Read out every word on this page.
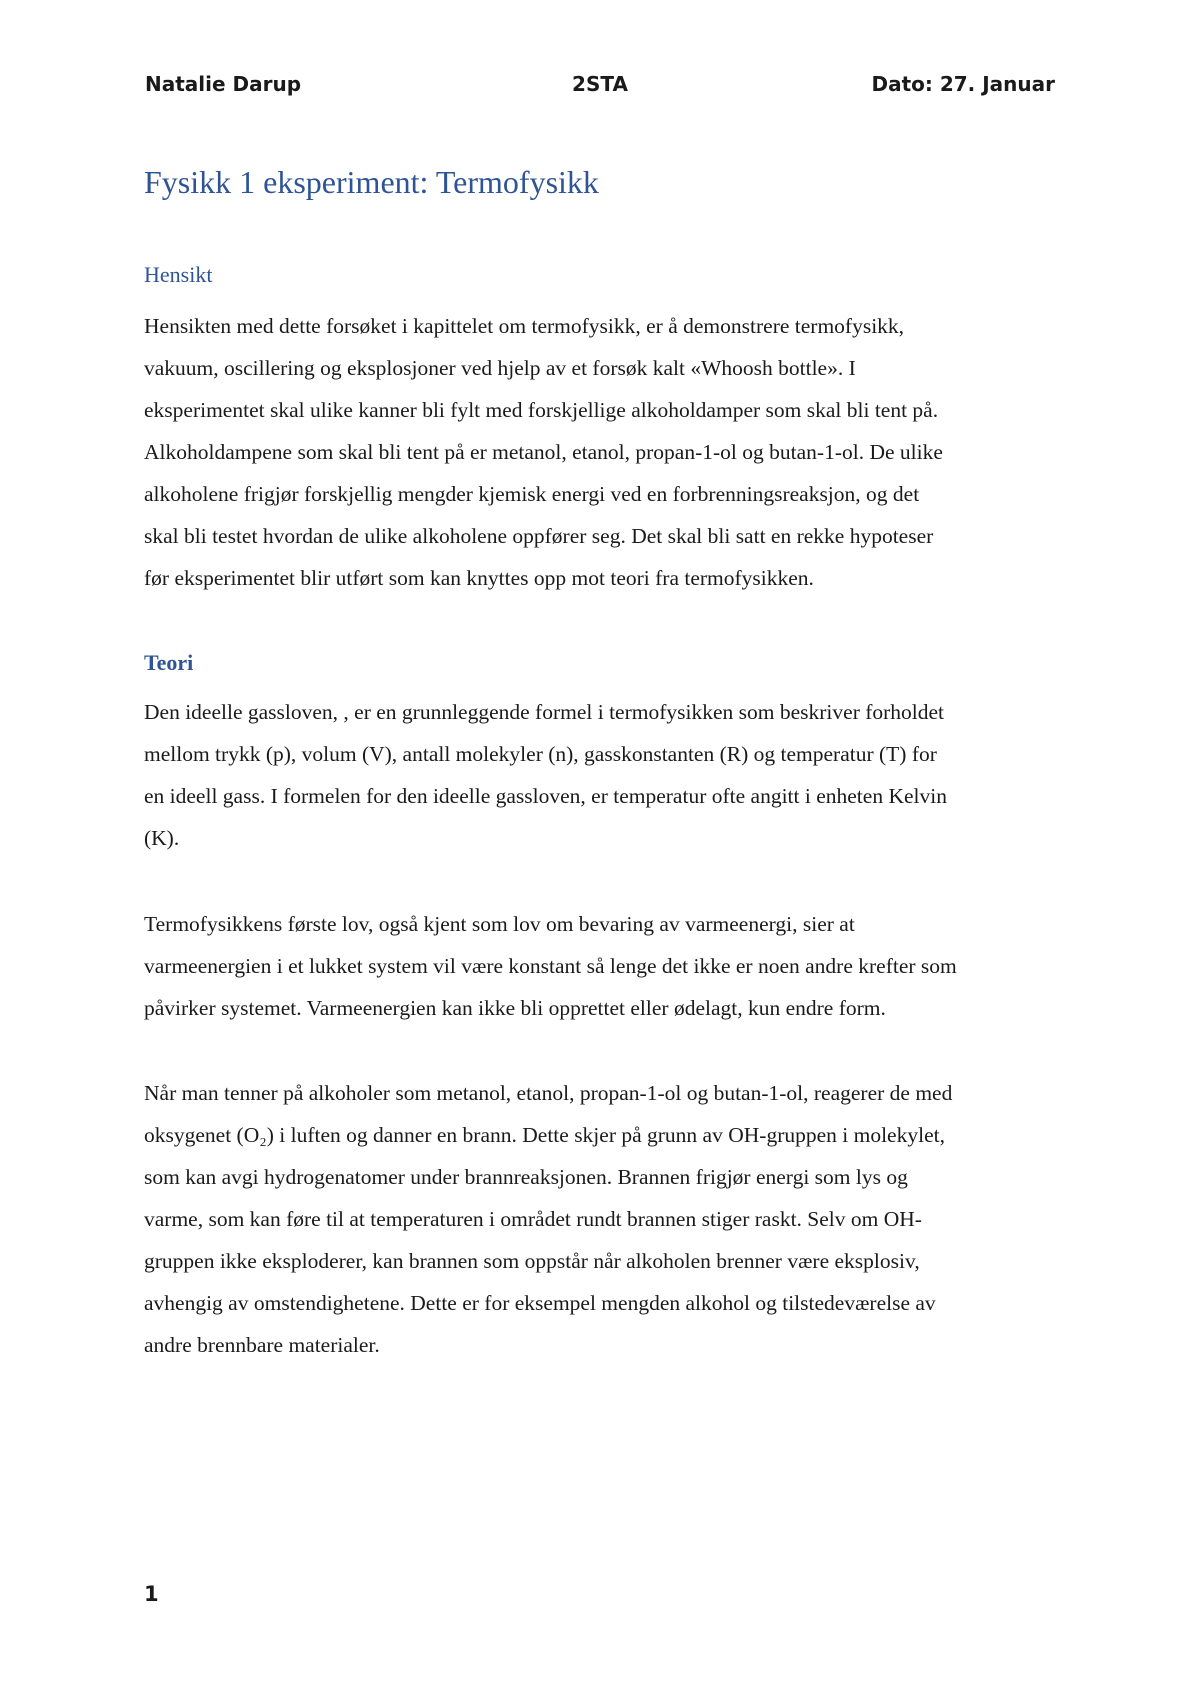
Natalie Darup	2STA	Dato: 27. Januar
Fysikk 1 eksperiment: Termofysikk
Hensikt

Hensikten med dette forsøket i kapittelet om termofysikk, er å demonstrere termofysikk,
vakuum, oscillering og eksplosjoner ved hjelp av et forsøk kalt «Whoosh bottle». I
eksperimentet skal ulike kanner bli fylt med forskjellige alkoholdamper som skal bli tent på.
Alkoholdampene som skal bli tent på er metanol, etanol, propan-1-ol og butan-1-ol. De ulike
alkoholene frigjør forskjellig mengder kjemisk energi ved en forbrenningsreaksjon, og det
skal bli testet hvordan de ulike alkoholene oppfører seg. Det skal bli satt en rekke hypoteser
før eksperimentet blir utført som kan knyttes opp mot teori fra termofysikken.

Teori

Den ideelle gassloven, , er en grunnleggende formel i termofysikken som beskriver forholdet
mellom trykk (p), volum (V), antall molekyler (n), gasskonstanten (R) og temperatur (T) for
en ideell gass. I formelen for den ideelle gassloven, er temperatur ofte angitt i enheten Kelvin
(K).

Termofysikkens første lov, også kjent som lov om bevaring av varmeenergi, sier at
varmeenergien i et lukket system vil være konstant så lenge det ikke er noen andre krefter som
påvirker systemet. Varmeenergien kan ikke bli opprettet eller ødelagt, kun endre form.

Når man tenner på alkoholer som metanol, etanol, propan-1-ol og butan-1-ol, reagerer de med
oksygenet (O₂) i luften og danner en brann. Dette skjer på grunn av OH-gruppen i molekylet,
som kan avgi hydrogenatomer under brannreaksjonen. Brannen frigjør energi som lys og
varme, som kan føre til at temperaturen i området rundt brannen stiger raskt. Selv om OH-
gruppen ikke eksploderer, kan brannen som oppstår når alkoholen brenner være eksplosiv,
avhengig av omstendighetene. Dette er for eksempel mengden alkohol og tilstedeværelse av
andre brennbare materialer.

1
